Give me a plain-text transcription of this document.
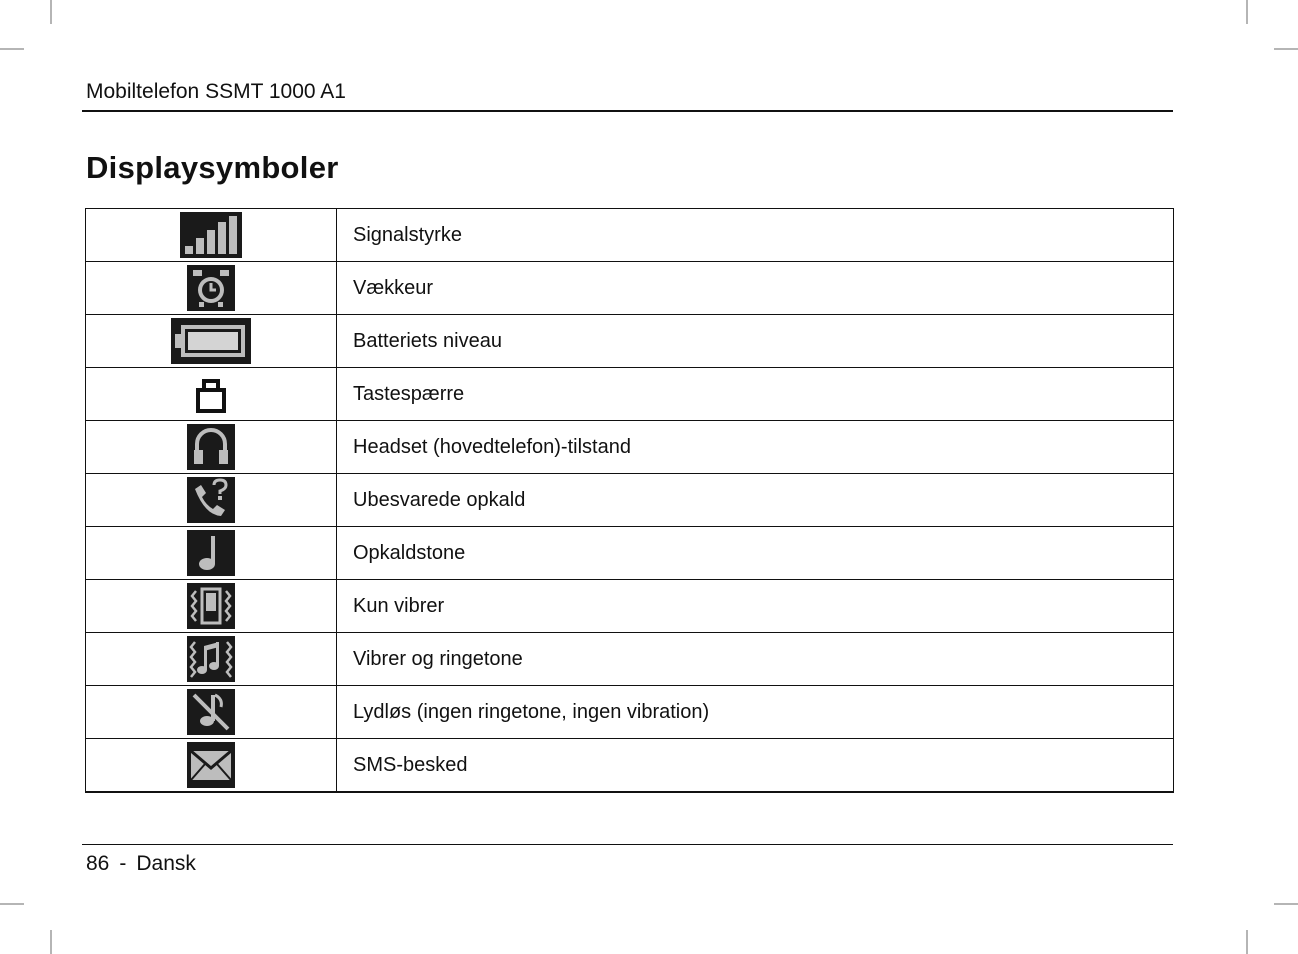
Mobiltelefon SSMT 1000 A1
Displaysymboler
	Signalstyrke

	Vækkeur

	Batteriets niveau

	Tastespærre

	Headset (hovedtelefon)-tilstand

	Ubesvarede opkald

	Opkaldstone

	Kun vibrer

	Vibrer og ringetone

	Lydløs (ingen ringetone, ingen vibration)

	SMS-besked
86 - Dansk
